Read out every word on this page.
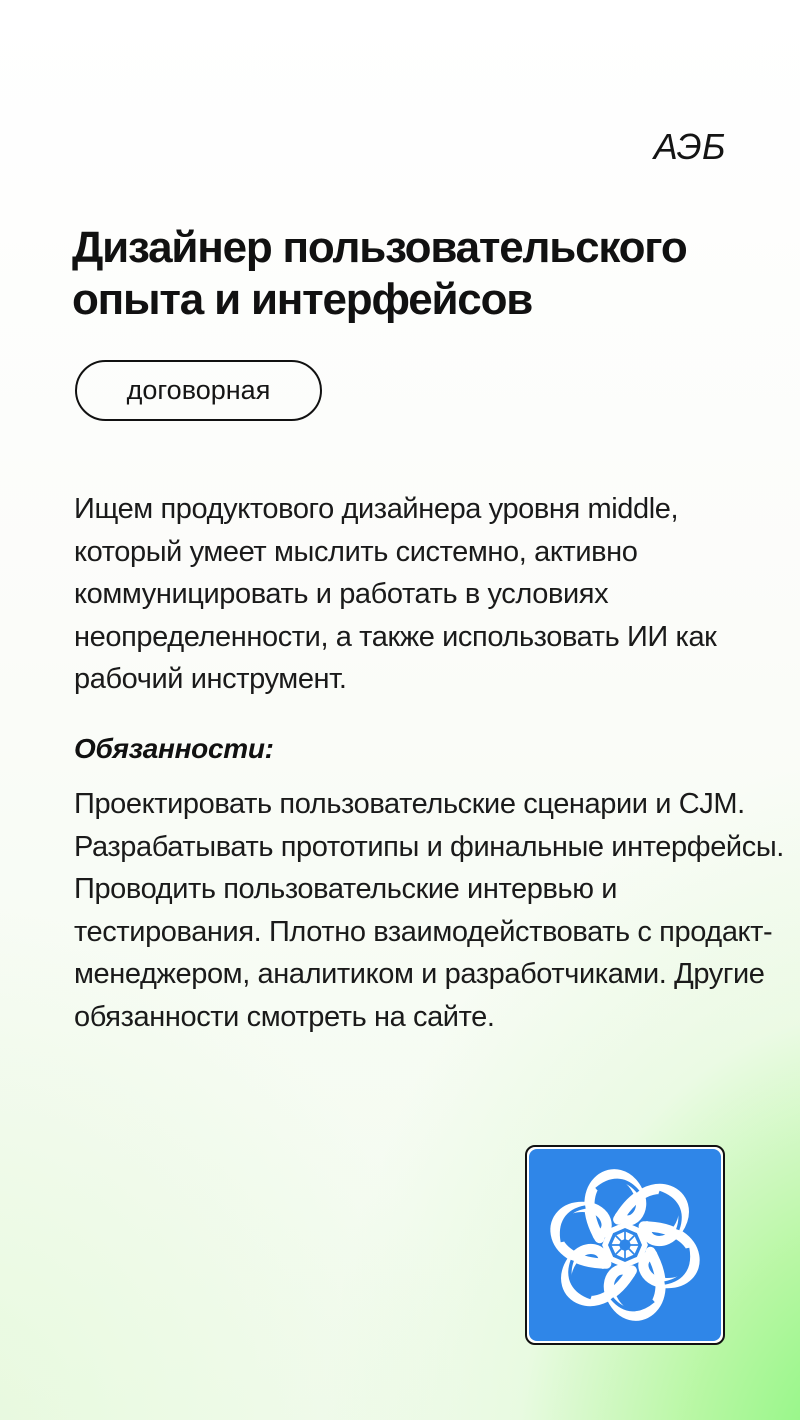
АЭБ
Дизайнер пользовательского опыта и интерфейсов
договорная

Ищем продуктового дизайнера уровня middle, который умеет мыслить системно, активно коммуницировать и работать в условиях неопределенности, а также использовать ИИ как рабочий инструмент.

Обязанности:

Проектировать пользовательские сценарии и CJM. Разрабатывать прототипы и финальные интерфейсы. Проводить пользовательские интервью и тестирования. Плотно взаимодействовать с продакт-менеджером, аналитиком и разработчиками. Другие обязанности смотреть на сайте.
